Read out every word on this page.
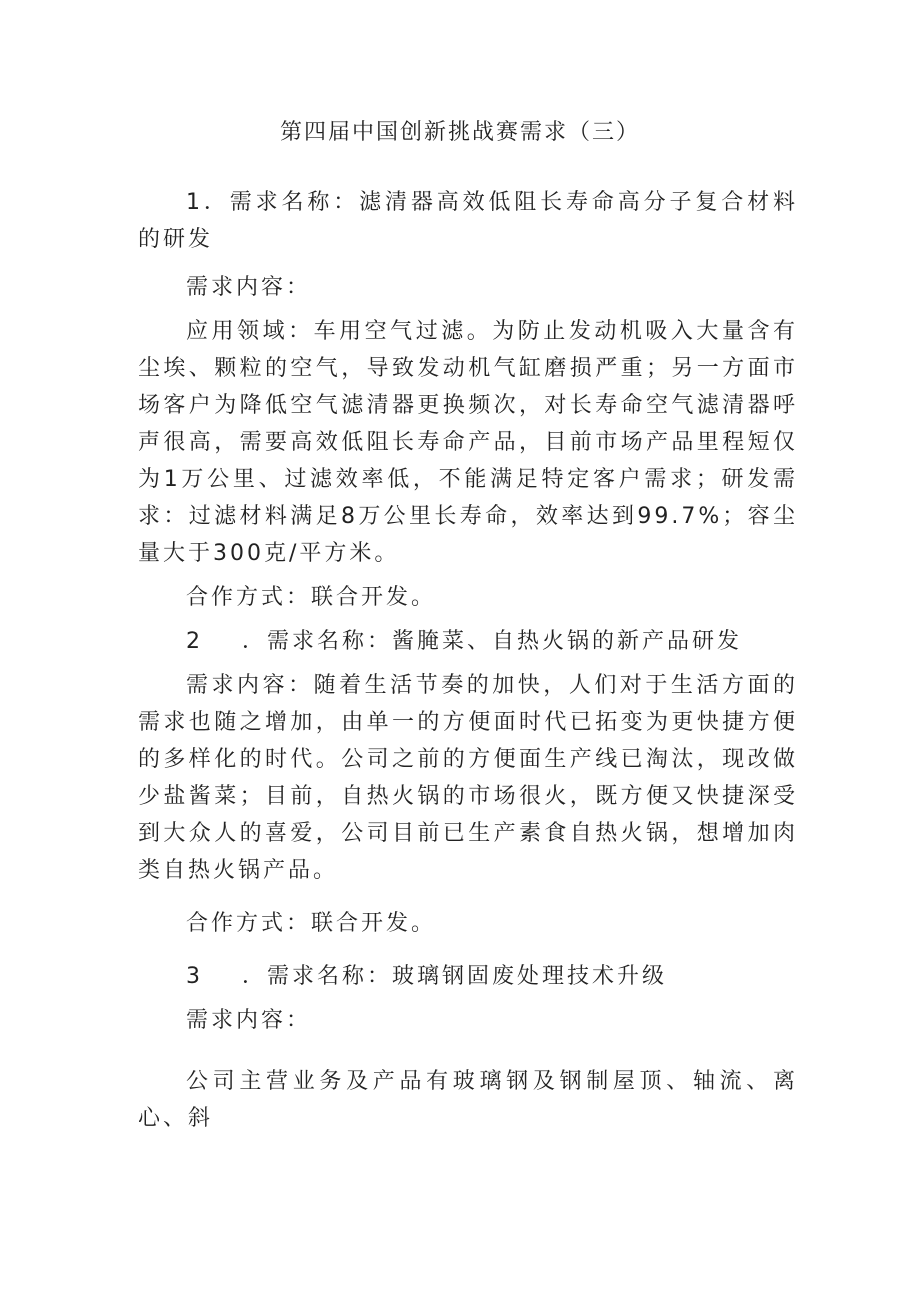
第四届中国创新挑战赛需求（三）

1．需求名称：滤清器高效低阻长寿命高分子复合材料的研发

需求内容：

应用领域：车用空气过滤。为防止发动机吸入大量含有尘埃、颗粒的空气，导致发动机气缸磨损严重；另一方面市场客户为降低空气滤清器更换频次，对长寿命空气滤清器呼声很高，需要高效低阻长寿命产品，目前市场产品里程短仅为1万公里、过滤效率低，不能满足特定客户需求；研发需求：过滤材料满足8万公里长寿命，效率达到99.7%；容尘量大于300克/平方米。

合作方式：联合开发。

2 ．需求名称：酱腌菜、自热火锅的新产品研发

需求内容：随着生活节奏的加快，人们对于生活方面的需求也随之增加，由单一的方便面时代已拓变为更快捷方便的多样化的时代。公司之前的方便面生产线已淘汰，现改做少盐酱菜；目前，自热火锅的市场很火，既方便又快捷深受到大众人的喜爱，公司目前已生产素食自热火锅，想增加肉类自热火锅产品。

合作方式：联合开发。

3 ．需求名称：玻璃钢固废处理技术升级

需求内容：

公司主营业务及产品有玻璃钢及钢制屋顶、轴流、离心、斜
